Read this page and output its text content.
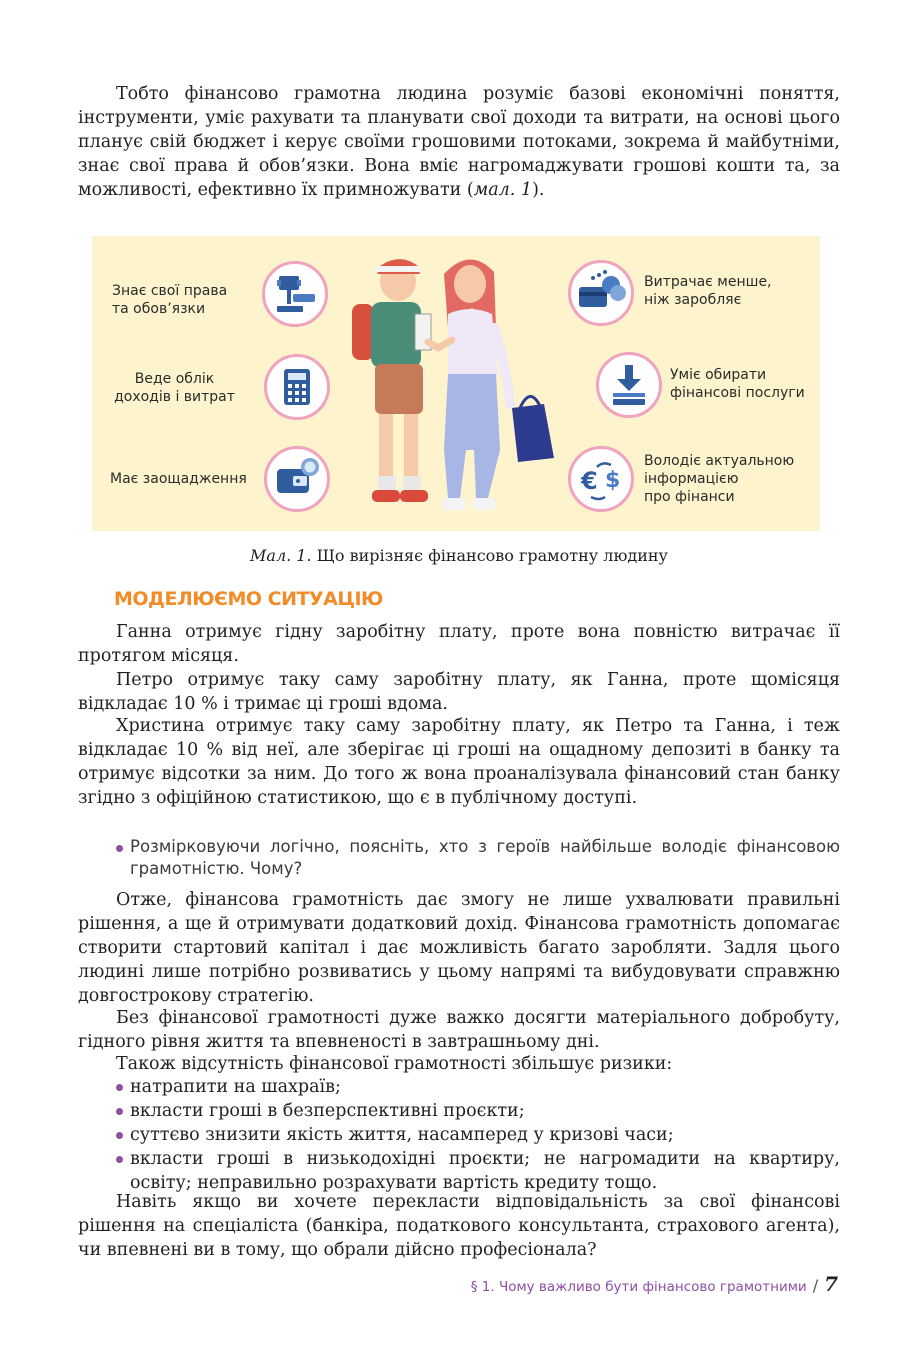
Тобто фінансово грамотна людина розуміє базові економічні поняття, інструменти, уміє рахувати та планувати свої доходи та витрати, на основі цього планує свій бюджет і керує своїми грошовими потоками, зокрема й майбутніми, знає свої права й обов’язки. Вона вміє нагромаджувати грошові кошти та, за можливості, ефективно їх примножувати (мал. 1).

Знає свої права
та обов’язки

Веде облік
доходів і витрат

Має заощадження	€ $

Витрачає менше,
ніж заробляє

Уміє обирати
фінансові послуги

Володіє актуальною
інформацією
про фінанси

Мал. 1. Що вирізняє фінансово грамотну людину

МОДЕЛЮЄМО СИТУАЦІЮ

Ганна отримує гідну заробітну плату, проте вона повністю витрачає її протягом місяця.

Петро отримує таку саму заробітну плату, як Ганна, проте щомісяця відкладає 10 % і тримає ці гроші вдома.

Христина отримує таку саму заробітну плату, як Петро та Ганна, і теж відкладає 10 % від неї, але зберігає ці гроші на ощадному депозиті в банку та отримує відсотки за ним. До того ж вона проаналізувала фінансовий стан банку згідно з офіційною статистикою, що є в публічному доступі.

Розмірковуючи логічно, поясніть, хто з героїв найбільше володіє фінансовою грамотністю. Чому?

Отже, фінансова грамотність дає змогу не лише ухвалювати правильні рішення, а ще й отримувати додатковий дохід. Фінансова грамотність допомагає створити стартовий капітал і дає можливість багато заробляти. Задля цього людині лише потрібно розвиватись у цьому напрямі та вибудовувати справжню довгострокову стратегію.

Без фінансової грамотності дуже важко досягти матеріального добробуту, гідного рівня життя та впевненості в завтрашньому дні.

Також відсутність фінансової грамотності збільшує ризики:

натрапити на шахраїв;
вкласти гроші в безперспективні проєкти;
суттєво знизити якість життя, насамперед у кризові часи;
вкласти гроші в низькодохідні проєкти; не нагромадити на квартиру, освіту; неправильно розрахувати вартість кредиту тощо.

Навіть якщо ви хочете перекласти відповідальність за свої фінансові рішення на спеціаліста (банкіра, податкового консультанта, страхового агента), чи впевнені ви в тому, що обрали дійсно професіонала?

§ 1. Чому важливо бути фінансово грамотними / 7
